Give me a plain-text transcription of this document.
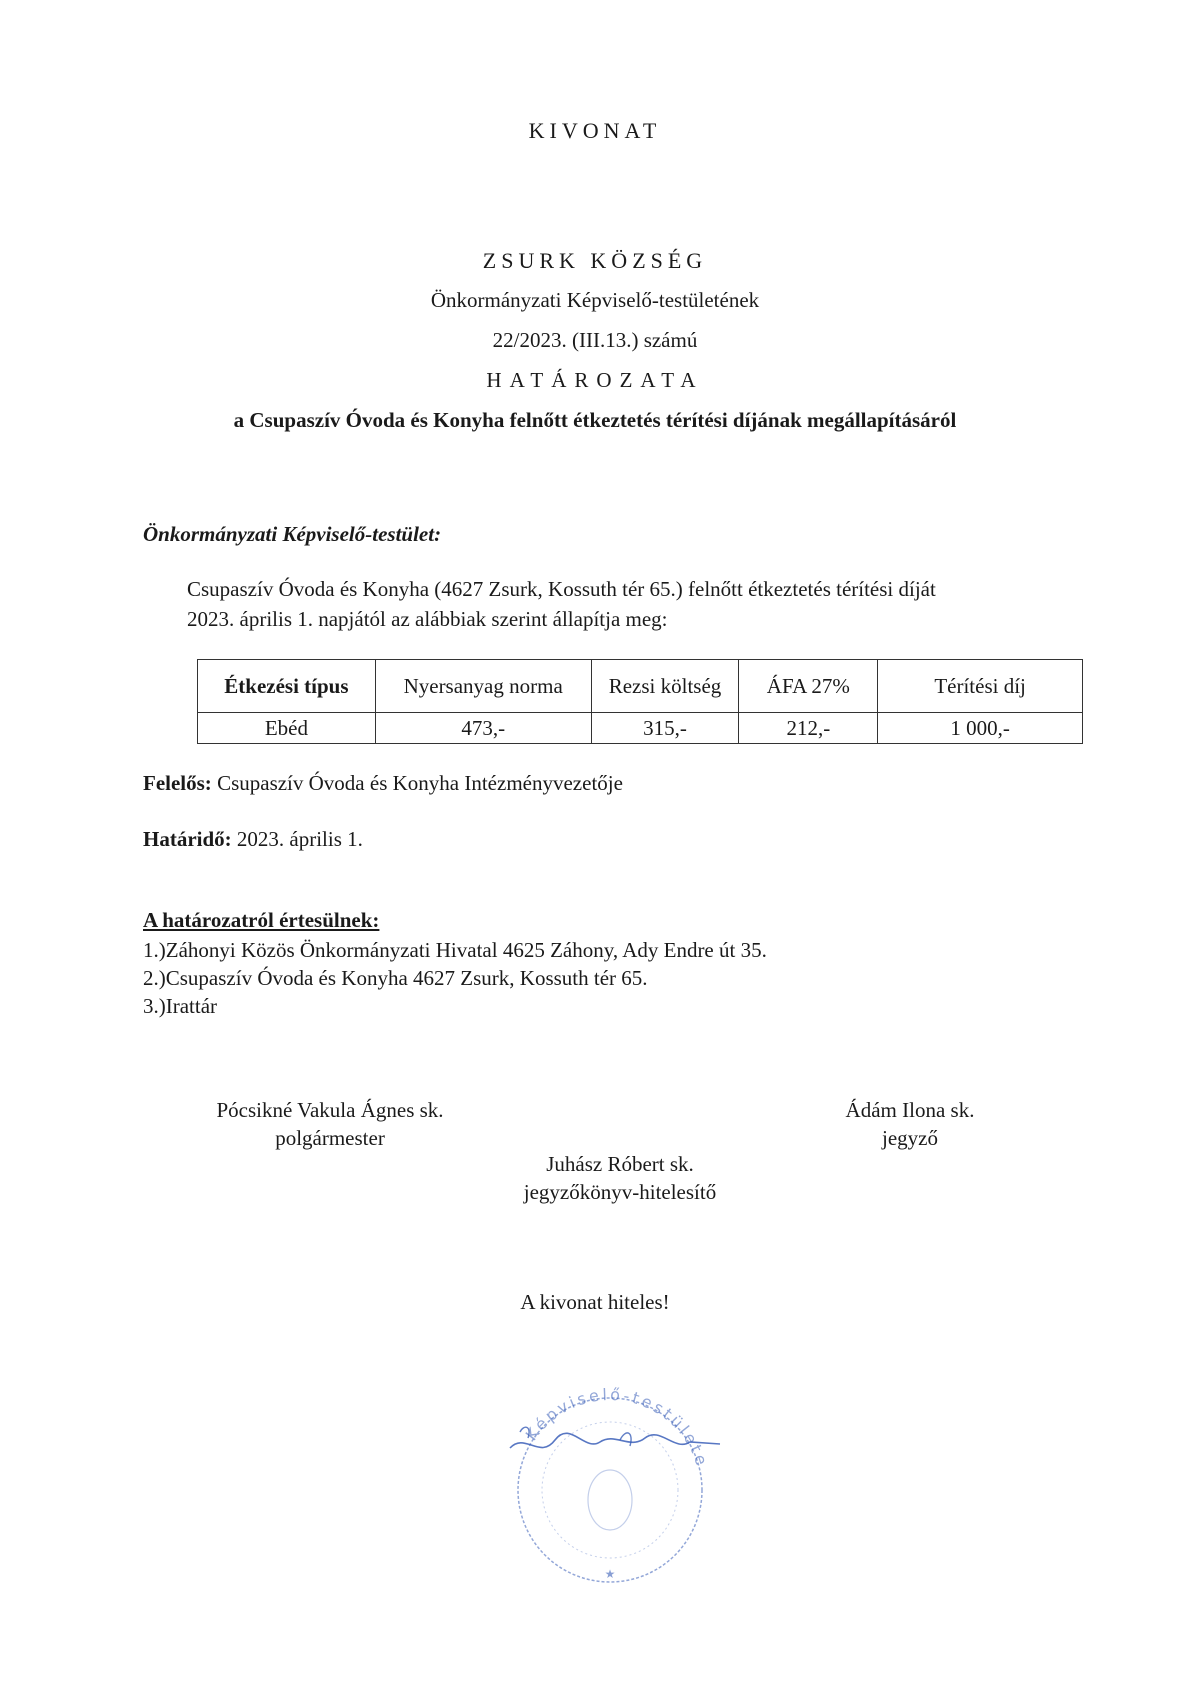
KIVONAT
ZSURK KÖZSÉG
Önkormányzati Képviselő-testületének
22/2023. (III.13.) számú
HATÁROZATA
a Csupaszív Óvoda és Konyha felnőtt étkeztetés térítési díjának megállapításáról
Önkormányzati Képviselő-testület:
Csupaszív Óvoda és Konyha (4627 Zsurk, Kossuth tér 65.) felnőtt étkeztetés térítési díját
2023. április 1. napjától az alábbiak szerint állapítja meg:
Étkezési típus	Nyersanyag norma	Rezsi költség	ÁFA 27%	Térítési díj
Ebéd	473,-	315,-	212,-	1 000,-
Felelős: Csupaszív Óvoda és Konyha Intézményvezetője
Határidő: 2023. április 1.
A határozatról értesülnek:
1.)Záhonyi Közös Önkormányzati Hivatal 4625 Záhony, Ady Endre út 35.
2.)Csupaszív Óvoda és Konyha 4627 Zsurk, Kossuth tér 65.
3.)Irattár
Pócsikné Vakula Ágnes sk.
polgármester
Ádám Ilona sk.
jegyző
Juhász Róbert sk.
jegyzőkönyv-hitelesítő
A kivonat hiteles!
Képviselő-testülete
★
